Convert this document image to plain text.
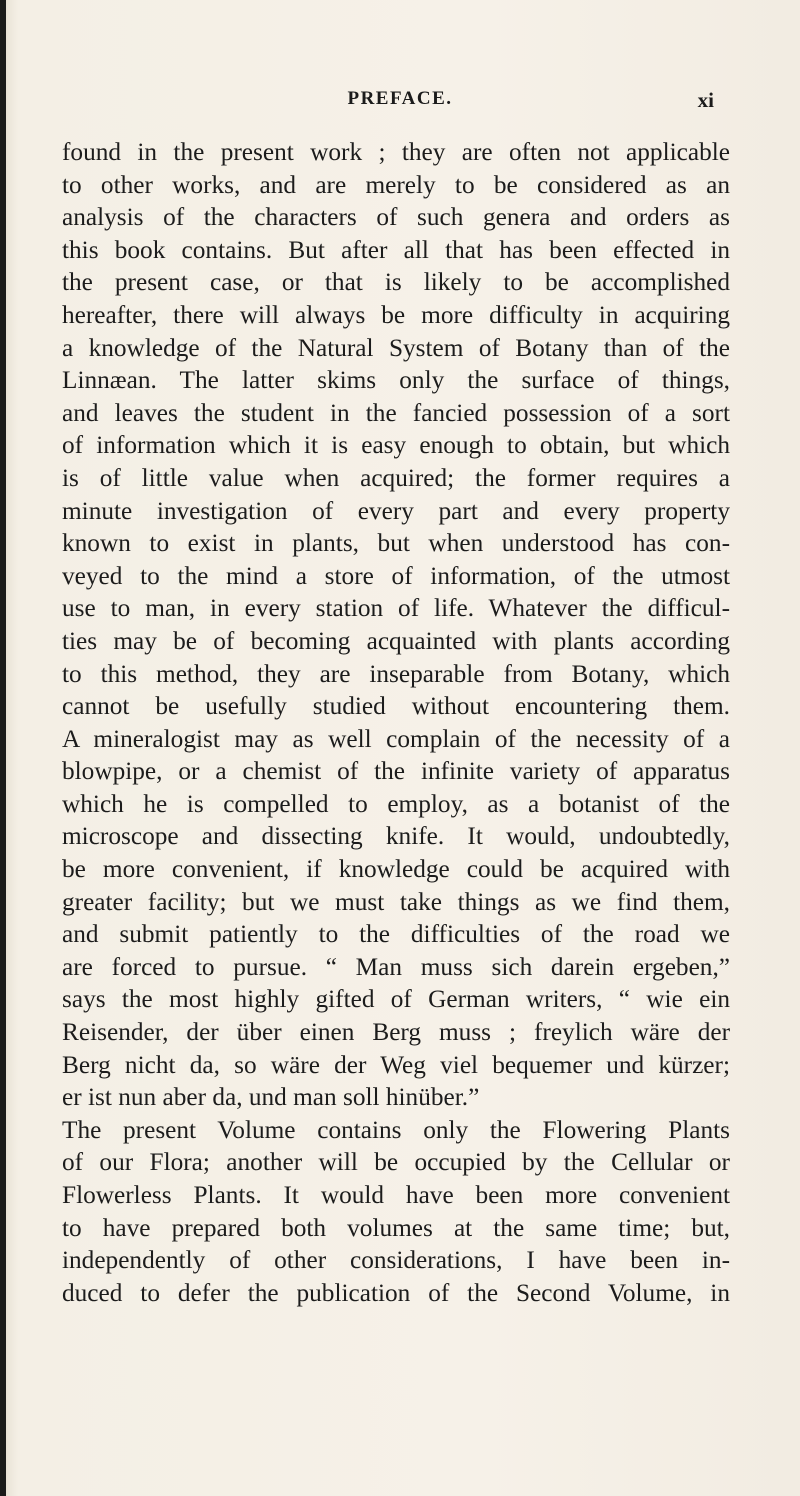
PREFACE.	xi
found in the present work ; they are often not applicable
to other works, and are merely to be considered as an
analysis of the characters of such genera and orders as
this book contains. But after all that has been effected in
the present case, or that is likely to be accomplished
hereafter, there will always be more difficulty in acquiring
a knowledge of the Natural System of Botany than of the
Linnæan. The latter skims only the surface of things,
and leaves the student in the fancied possession of a sort
of information which it is easy enough to obtain, but which
is of little value when acquired; the former requires a
minute investigation of every part and every property
known to exist in plants, but when understood has con-
veyed to the mind a store of information, of the utmost
use to man, in every station of life. Whatever the difficul-
ties may be of becoming acquainted with plants according
to this method, they are inseparable from Botany, which
cannot be usefully studied without encountering them.
A mineralogist may as well complain of the necessity of a
blowpipe, or a chemist of the infinite variety of apparatus
which he is compelled to employ, as a botanist of the
microscope and dissecting knife. It would, undoubtedly,
be more convenient, if knowledge could be acquired with
greater facility; but we must take things as we find them,
and submit patiently to the difficulties of the road we
are forced to pursue. “ Man muss sich darein ergeben,”
says the most highly gifted of German writers, “ wie ein
Reisender, der über einen Berg muss ; freylich wäre der
Berg nicht da, so wäre der Weg viel bequemer und kürzer;
er ist nun aber da, und man soll hinüber.”
The present Volume contains only the Flowering Plants
of our Flora; another will be occupied by the Cellular or
Flowerless Plants. It would have been more convenient
to have prepared both volumes at the same time; but,
independently of other considerations, I have been in-
duced to defer the publication of the Second Volume, in
